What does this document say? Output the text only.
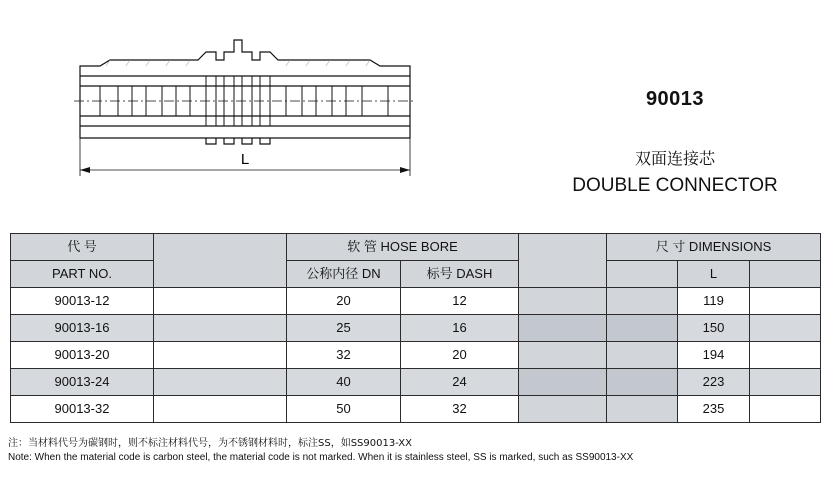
L
90013
双面连接芯
DOUBLE CONNECTOR
代 号		软 管 HOSE BORE			尺 寸 DIMENSIONS		
PART NO.		公称内径 DN	标号 DASH			L	
90013-12		20	12			119	
90013-16		25	16			150	
90013-20		32	20			194	
90013-24		40	24			223	
90013-32		50	32			235	
注：当材料代号为碳钢时，则不标注材料代号，为不锈钢材料时，标注SS，如SS90013-XX
Note: When the material code is carbon steel, the material code is not marked. When it is stainless steel, SS is marked, such as SS90013-XX
